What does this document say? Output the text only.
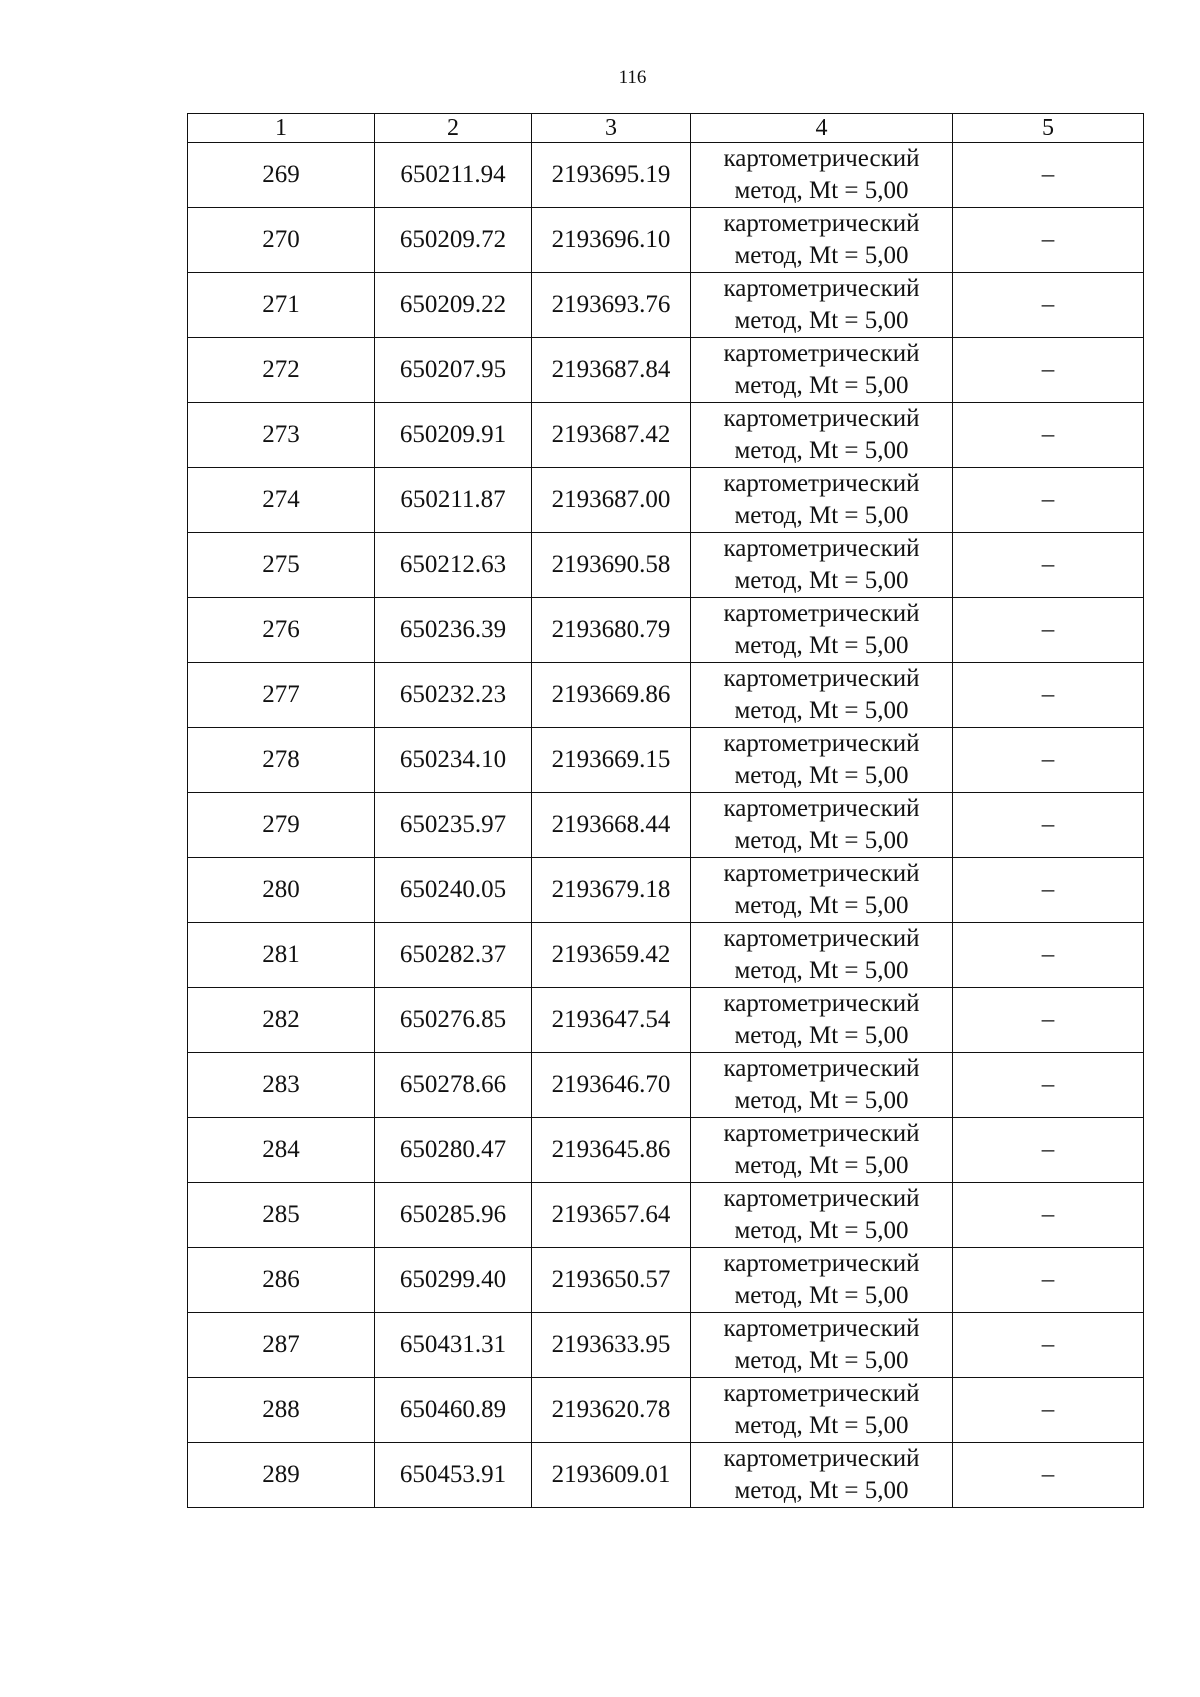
116
1	2	3	4	5
269	650211.94	2193695.19	картометрический
метод, Mt = 5,00	–
270	650209.72	2193696.10	картометрический
метод, Mt = 5,00	–
271	650209.22	2193693.76	картометрический
метод, Mt = 5,00	–
272	650207.95	2193687.84	картометрический
метод, Mt = 5,00	–
273	650209.91	2193687.42	картометрический
метод, Mt = 5,00	–
274	650211.87	2193687.00	картометрический
метод, Mt = 5,00	–
275	650212.63	2193690.58	картометрический
метод, Mt = 5,00	–
276	650236.39	2193680.79	картометрический
метод, Mt = 5,00	–
277	650232.23	2193669.86	картометрический
метод, Mt = 5,00	–
278	650234.10	2193669.15	картометрический
метод, Mt = 5,00	–
279	650235.97	2193668.44	картометрический
метод, Mt = 5,00	–
280	650240.05	2193679.18	картометрический
метод, Mt = 5,00	–
281	650282.37	2193659.42	картометрический
метод, Mt = 5,00	–
282	650276.85	2193647.54	картометрический
метод, Mt = 5,00	–
283	650278.66	2193646.70	картометрический
метод, Mt = 5,00	–
284	650280.47	2193645.86	картометрический
метод, Mt = 5,00	–
285	650285.96	2193657.64	картометрический
метод, Mt = 5,00	–
286	650299.40	2193650.57	картометрический
метод, Mt = 5,00	–
287	650431.31	2193633.95	картометрический
метод, Mt = 5,00	–
288	650460.89	2193620.78	картометрический
метод, Mt = 5,00	–
289	650453.91	2193609.01	картометрический
метод, Mt = 5,00	–
